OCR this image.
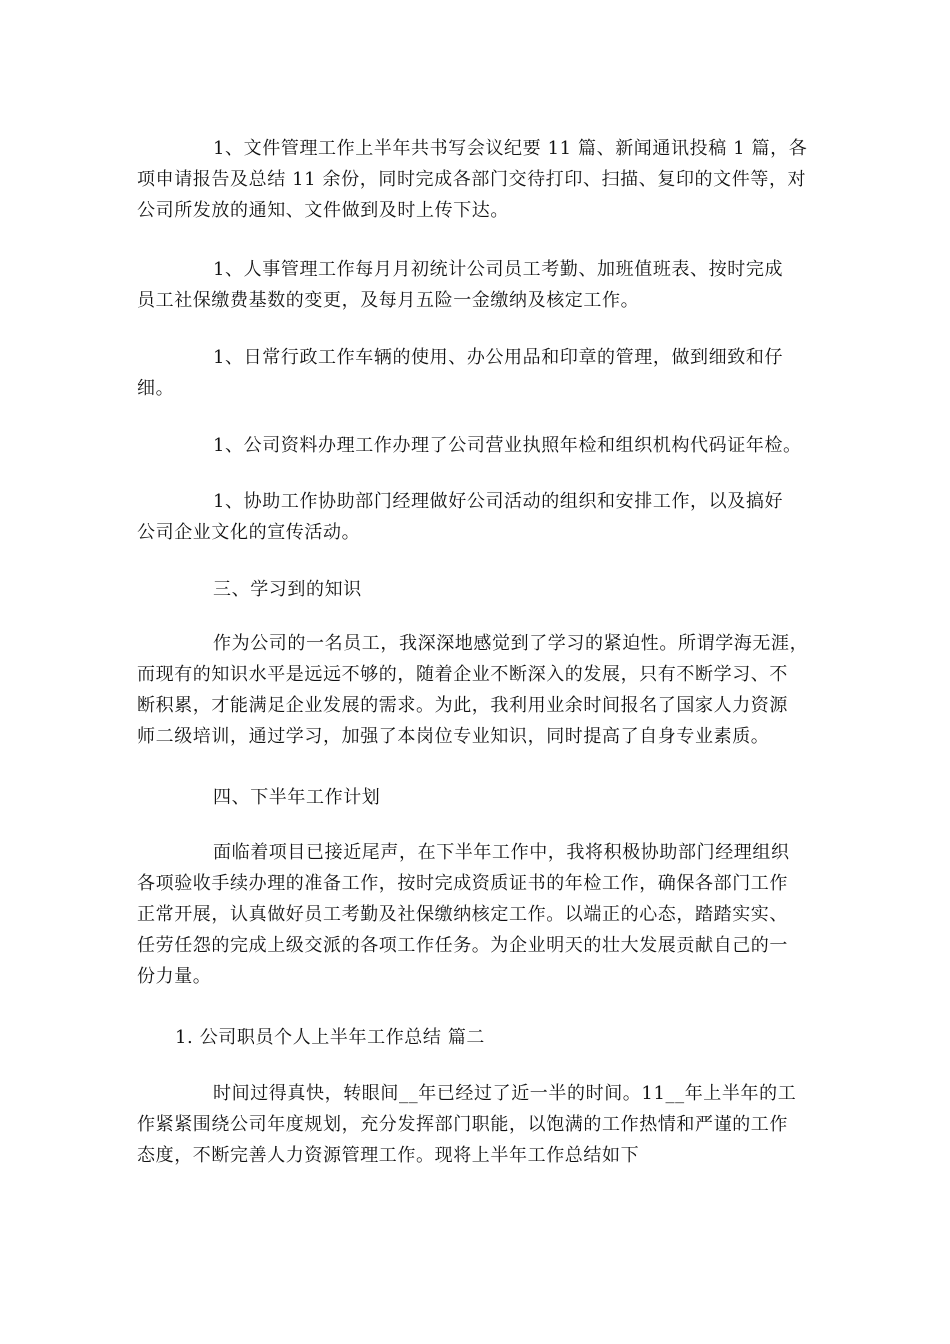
1、文件管理工作上半年共书写会议纪要 11 篇、新闻通讯投稿 1 篇，各
项申请报告及总结 11 余份，同时完成各部门交待打印、扫描、复印的文件等，对
公司所发放的通知、文件做到及时上传下达。
1、人事管理工作每月月初统计公司员工考勤、加班值班表、按时完成
员工社保缴费基数的变更，及每月五险一金缴纳及核定工作。
1、日常行政工作车辆的使用、办公用品和印章的管理，做到细致和仔
细。
1、公司资料办理工作办理了公司营业执照年检和组织机构代码证年检。
1、协助工作协助部门经理做好公司活动的组织和安排工作，以及搞好
公司企业文化的宣传活动。
三、学习到的知识
作为公司的一名员工，我深深地感觉到了学习的紧迫性。所谓学海无涯，
而现有的知识水平是远远不够的，随着企业不断深入的发展，只有不断学习、不
断积累，才能满足企业发展的需求。为此，我利用业余时间报名了国家人力资源
师二级培训，通过学习，加强了本岗位专业知识，同时提高了自身专业素质。
四、下半年工作计划
面临着项目已接近尾声，在下半年工作中，我将积极协助部门经理组织
各项验收手续办理的准备工作，按时完成资质证书的年检工作，确保各部门工作
正常开展，认真做好员工考勤及社保缴纳核定工作。以端正的心态，踏踏实实、
任劳任怨的完成上级交派的各项工作任务。为企业明天的壮大发展贡献自己的一
份力量。
1. 公司职员个人上半年工作总结 篇二
时间过得真快，转眼间__年已经过了近一半的时间。11__年上半年的工
作紧紧围绕公司年度规划，充分发挥部门职能，以饱满的工作热情和严谨的工作
态度，不断完善人力资源管理工作。现将上半年工作总结如下
